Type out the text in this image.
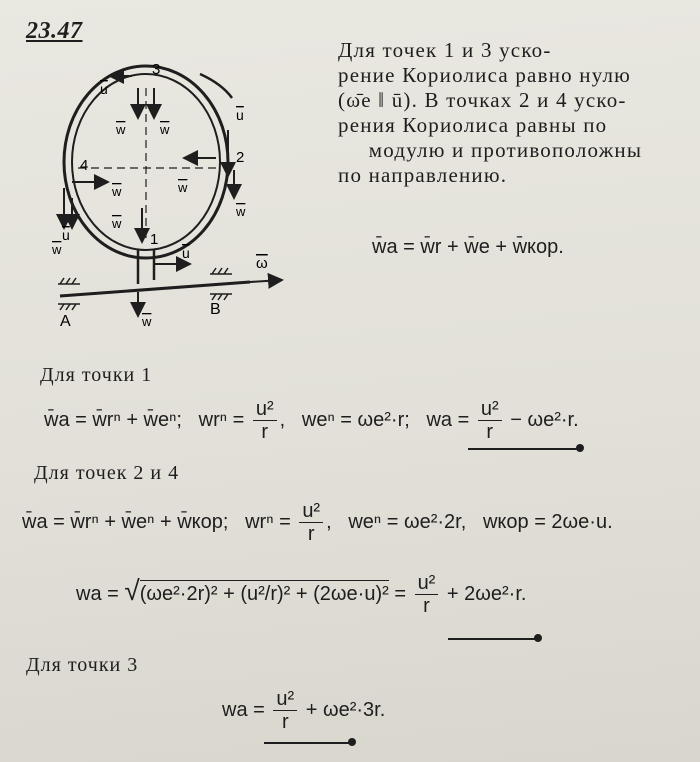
23.47
3
2
4
1
A
B
u
u
u
u
w	w
w	w
w
w
w
w
ω
Для точек 1 и 3 уско-
рение Кориолиса равно нулю
(ω̄e ‖ ū). В точках 2 и 4 уско-
рения Кориолиса равны по
модулю и противоположны
по направлению.
w̄a = w̄r + w̄e + w̄кор.
Для точки 1
w̄a = w̄rⁿ + w̄eⁿ; $wr^n = \frac{\text{u²}}{r}$ ,   weⁿ = ωe²·r; wa = $\frac{\text{u²}}{r} - \omega e^2\cdot r$.
Для точек 2 и 4
w̄a = w̄rⁿ + w̄eⁿ + w̄кор; $wr^n = \frac{\text{u²}}{r}$ ,   weⁿ = ωe²·2r, wкор = 2ωe·u.
wa = $√(\omega e^2\cdot 2r)^2 + (u^2/r)^2 + (2\omega e\cdot u)^2 = \frac{\text{u²}}{r} + 2\omega e^2\cdot r$.
Для точки 3
wa = $\frac{\text{u²}}{r} + \omega e^2\cdot 3r$.
